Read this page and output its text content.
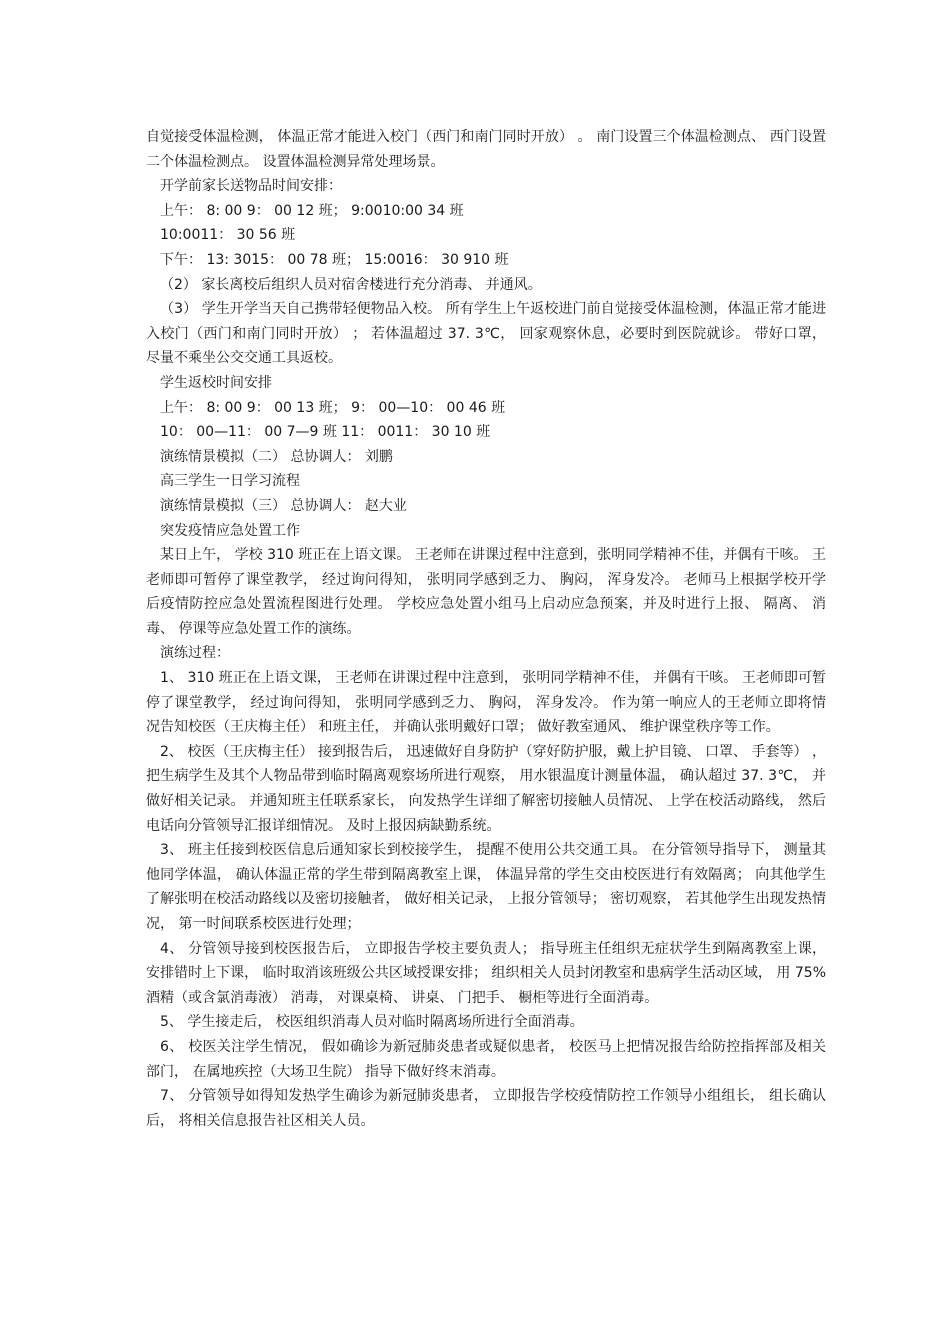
自觉接受体温检测， 体温正常才能进入校门（西门和南门同时开放） 。 南门设置三个体温检测点、 西门设置二个体温检测点。 设置体温检测异常处理场景。

开学前家长送物品时间安排：

上午： 8: 00 9： 00 12 班； 9:0010:00 34 班

10:0011： 30 56 班

下午： 13: 3015： 00 78 班； 15:0016： 30 910 班

（2） 家长离校后组织人员对宿舍楼进行充分消毒、 并通风。

（3） 学生开学当天自己携带轻便物品入校。 所有学生上午返校进门前自觉接受体温检测，体温正常才能进入校门（西门和南门同时开放） ； 若体温超过 37. 3℃， 回家观察休息，必要时到医院就诊。 带好口罩， 尽量不乘坐公交交通工具返校。

学生返校时间安排

上午： 8: 00 9： 00 13 班； 9： 00—10： 00 46 班

10： 00—11： 00 7—9 班 11： 0011： 30 10 班

演练情景模拟（二） 总协调人： 刘鹏

高三学生一日学习流程

演练情景模拟（三） 总协调人： 赵大业

突发疫情应急处置工作

某日上午， 学校 310 班正在上语文课。 王老师在讲课过程中注意到，张明同学精神不佳，并偶有干咳。 王老师即可暂停了课堂教学， 经过询问得知， 张明同学感到乏力、 胸闷， 浑身发冷。 老师马上根据学校开学后疫情防控应急处置流程图进行处理。 学校应急处置小组马上启动应急预案，并及时进行上报、 隔离、 消毒、 停课等应急处置工作的演练。

演练过程：

1、 310 班正在上语文课， 王老师在讲课过程中注意到， 张明同学精神不佳， 并偶有干咳。 王老师即可暂停了课堂教学， 经过询问得知， 张明同学感到乏力、 胸闷， 浑身发冷。 作为第一响应人的王老师立即将情况告知校医（王庆梅主任） 和班主任， 并确认张明戴好口罩； 做好教室通风、 维护课堂秩序等工作。

2、 校医（王庆梅主任） 接到报告后， 迅速做好自身防护（穿好防护服，戴上护目镜、 口罩、 手套等） ， 把生病学生及其个人物品带到临时隔离观察场所进行观察， 用水银温度计测量体温， 确认超过 37. 3℃， 并做好相关记录。 并通知班主任联系家长， 向发热学生详细了解密切接触人员情况、 上学在校活动路线， 然后电话向分管领导汇报详细情况。 及时上报因病缺勤系统。

3、 班主任接到校医信息后通知家长到校接学生， 提醒不使用公共交通工具。 在分管领导指导下， 测量其他同学体温， 确认体温正常的学生带到隔离教室上课， 体温异常的学生交由校医进行有效隔离； 向其他学生了解张明在校活动路线以及密切接触者， 做好相关记录， 上报分管领导； 密切观察， 若其他学生出现发热情况， 第一时间联系校医进行处理；

4、 分管领导接到校医报告后， 立即报告学校主要负责人； 指导班主任组织无症状学生到隔离教室上课， 安排错时上下课， 临时取消该班级公共区域授课安排； 组织相关人员封闭教室和患病学生活动区域， 用 75%酒精（或含氯消毒液） 消毒， 对课桌椅、 讲桌、 门把手、 橱柜等进行全面消毒。

5、 学生接走后， 校医组织消毒人员对临时隔离场所进行全面消毒。

6、 校医关注学生情况， 假如确诊为新冠肺炎患者或疑似患者， 校医马上把情况报告给防控指挥部及相关部门， 在属地疾控（大场卫生院） 指导下做好终末消毒。

7、 分管领导如得知发热学生确诊为新冠肺炎患者， 立即报告学校疫情防控工作领导小组组长， 组长确认后， 将相关信息报告社区相关人员。
